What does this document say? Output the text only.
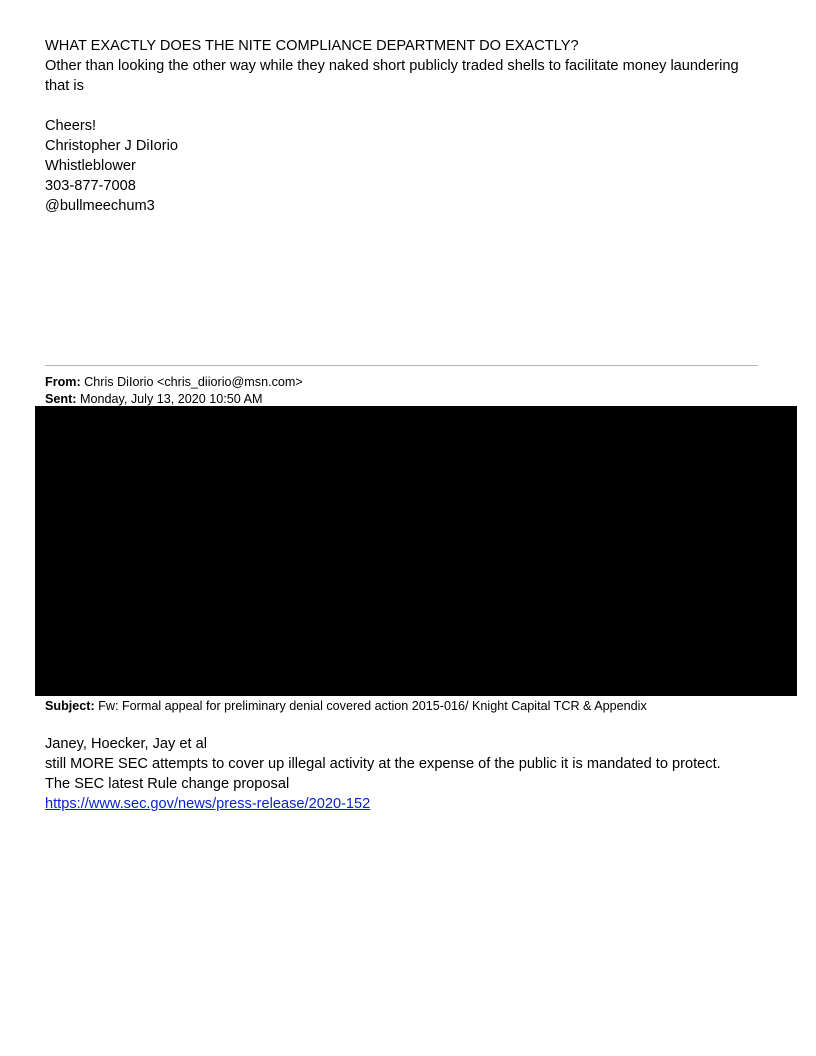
WHAT EXACTLY DOES THE NITE COMPLIANCE DEPARTMENT DO EXACTLY?
Other than looking the other way while they naked short publicly traded shells to facilitate money laundering
that is
Cheers!
Christopher J DiIorio
Whistleblower
303-877-7008
@bullmeechum3
From: Chris DiIorio <chris_diiorio@msn.com>
Sent: Monday, July 13, 2020 10:50 AM
Subject: Fw: Formal appeal for preliminary denial covered action 2015-016/ Knight Capital TCR & Appendix
Janey, Hoecker, Jay et al
still MORE SEC attempts to cover up illegal activity at the expense of the public it is mandated to protect.
The SEC latest Rule change proposal
https://www.sec.gov/news/press-release/2020-152
